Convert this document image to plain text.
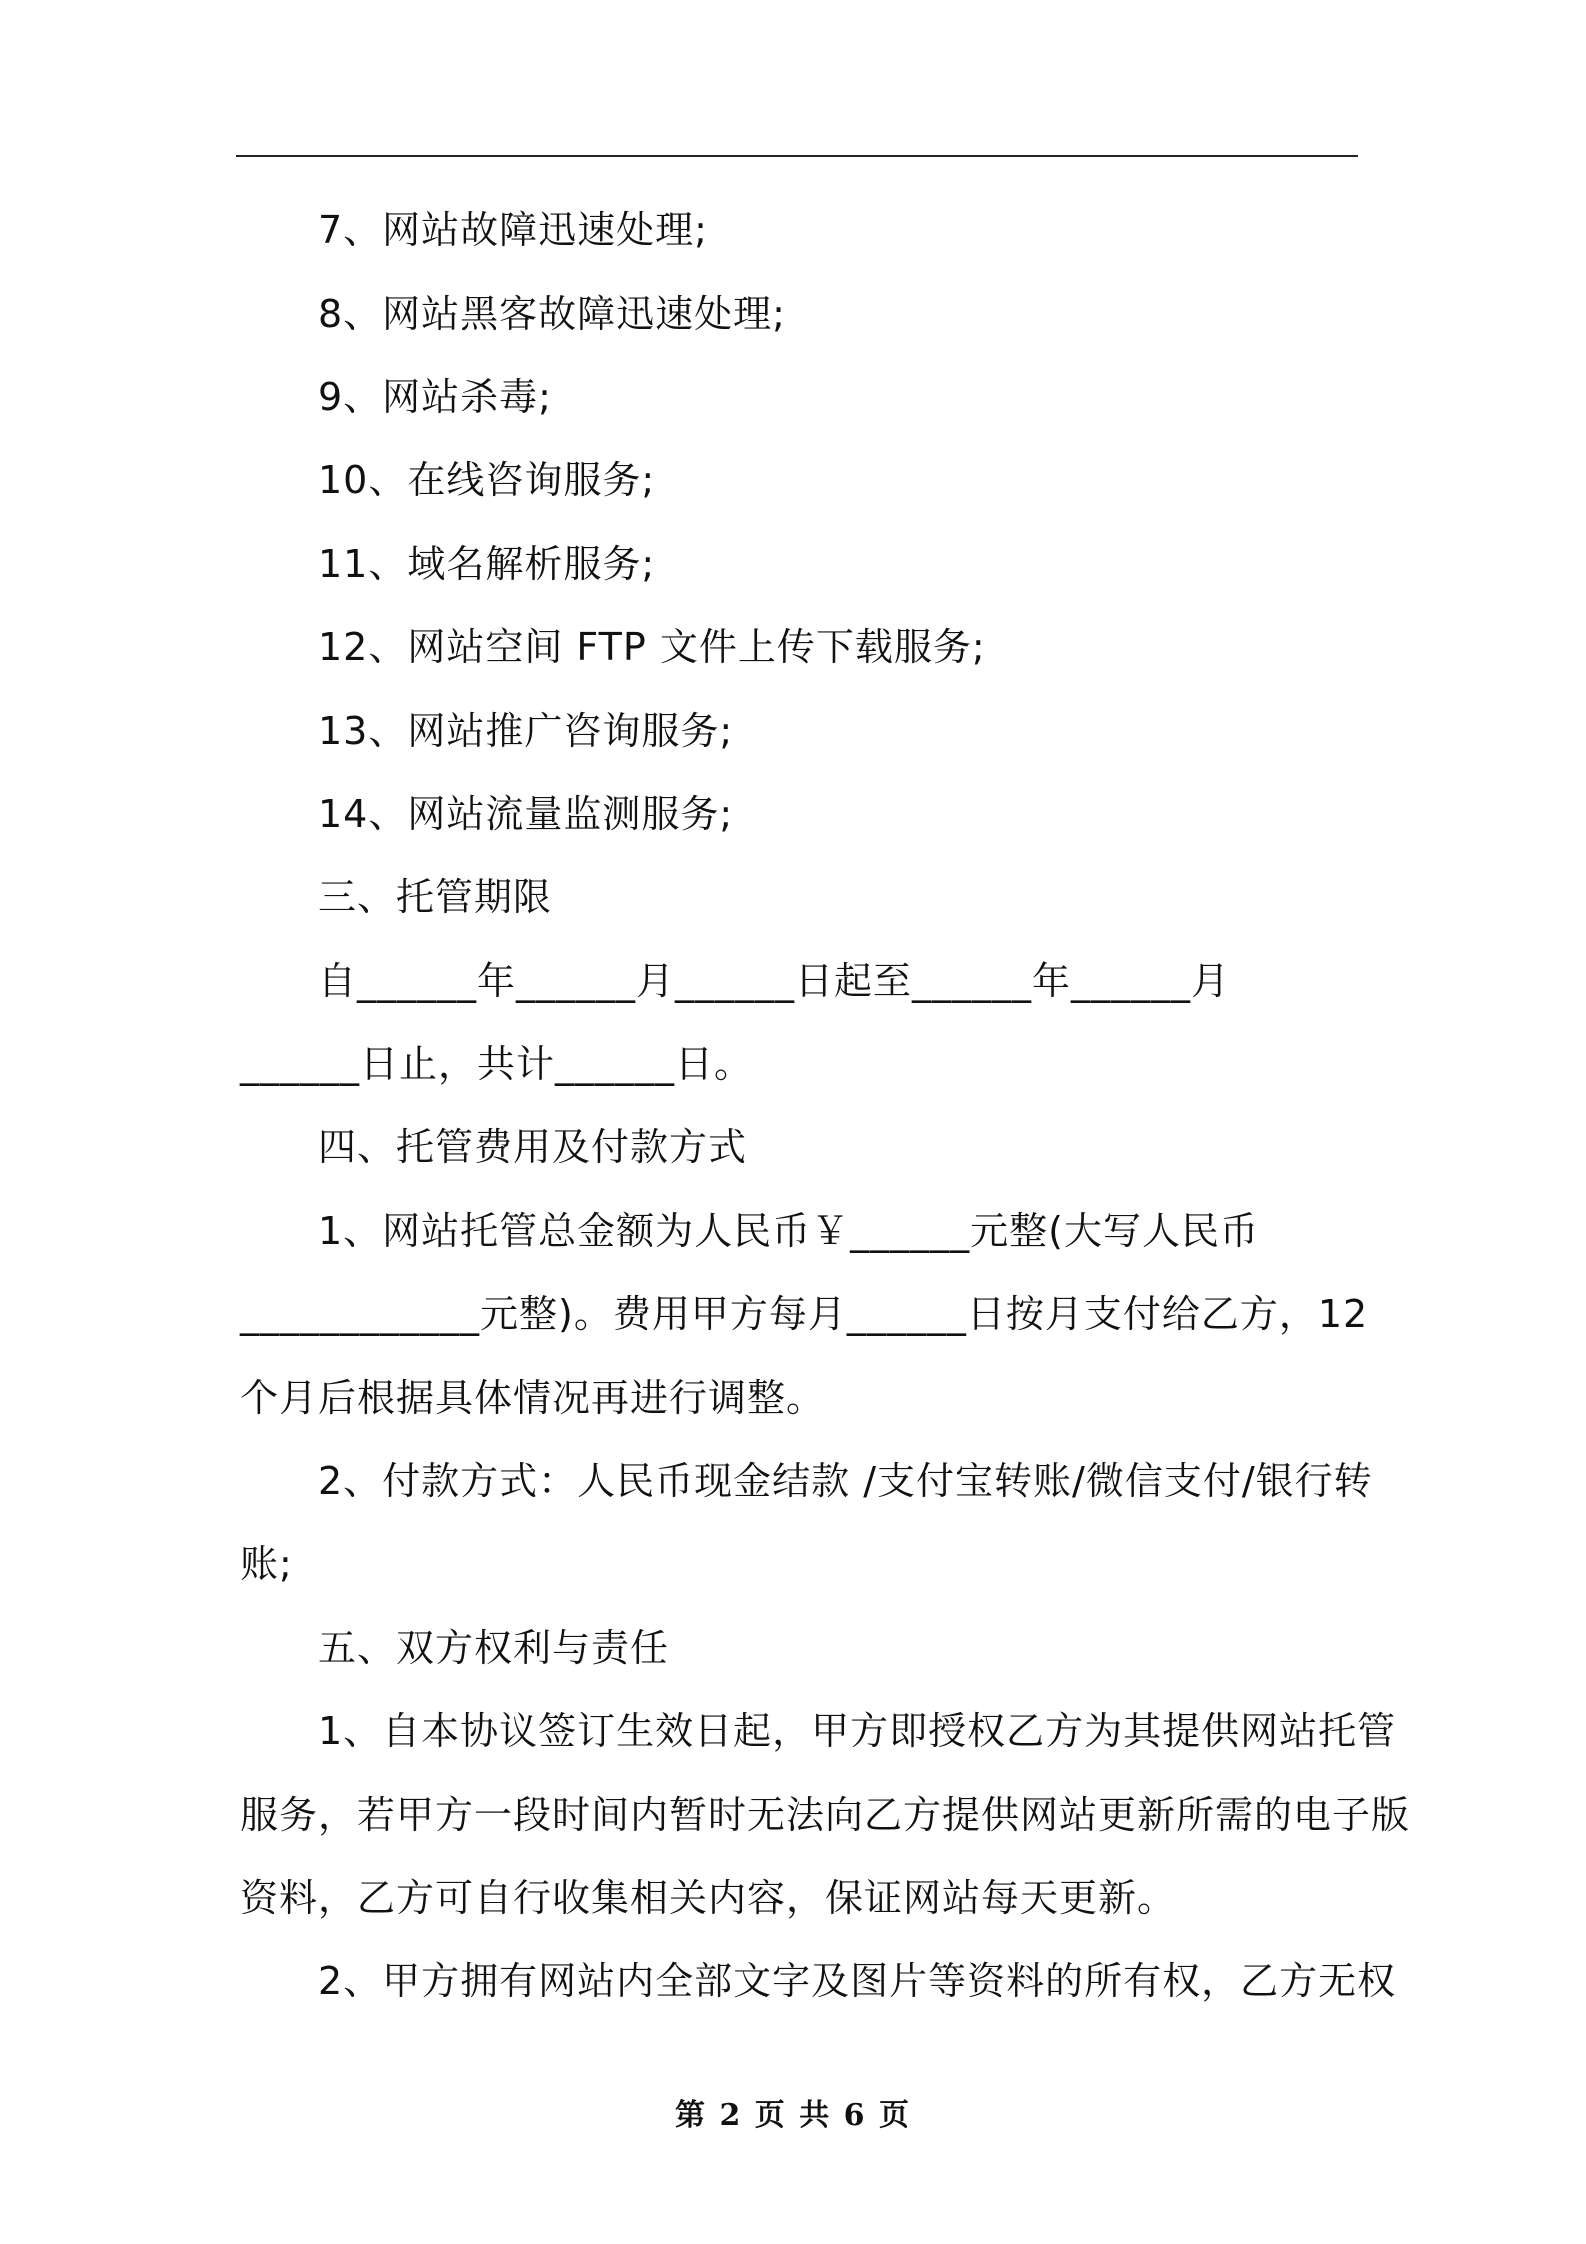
7、网站故障迅速处理;
8、网站黑客故障迅速处理;
9、网站杀毒;
10、在线咨询服务;
11、域名解析服务;
12、网站空间 FTP 文件上传下载服务;
13、网站推广咨询服务;
14、网站流量监测服务;
三、托管期限
自______年______月______日起至______年______月
______日止，共计______日。
四、托管费用及付款方式
1、网站托管总金额为人民币￥______元整(大写人民币
____________元整)。费用甲方每月______日按月支付给乙方，12
个月后根据具体情况再进行调整。
2、付款方式：人民币现金结款 /支付宝转账/微信支付/银行转
账;
五、双方权利与责任
1、自本协议签订生效日起，甲方即授权乙方为其提供网站托管
服务，若甲方一段时间内暂时无法向乙方提供网站更新所需的电子版
资料，乙方可自行收集相关内容，保证网站每天更新。
2、甲方拥有网站内全部文字及图片等资料的所有权，乙方无权
第 2 页 共 6 页
